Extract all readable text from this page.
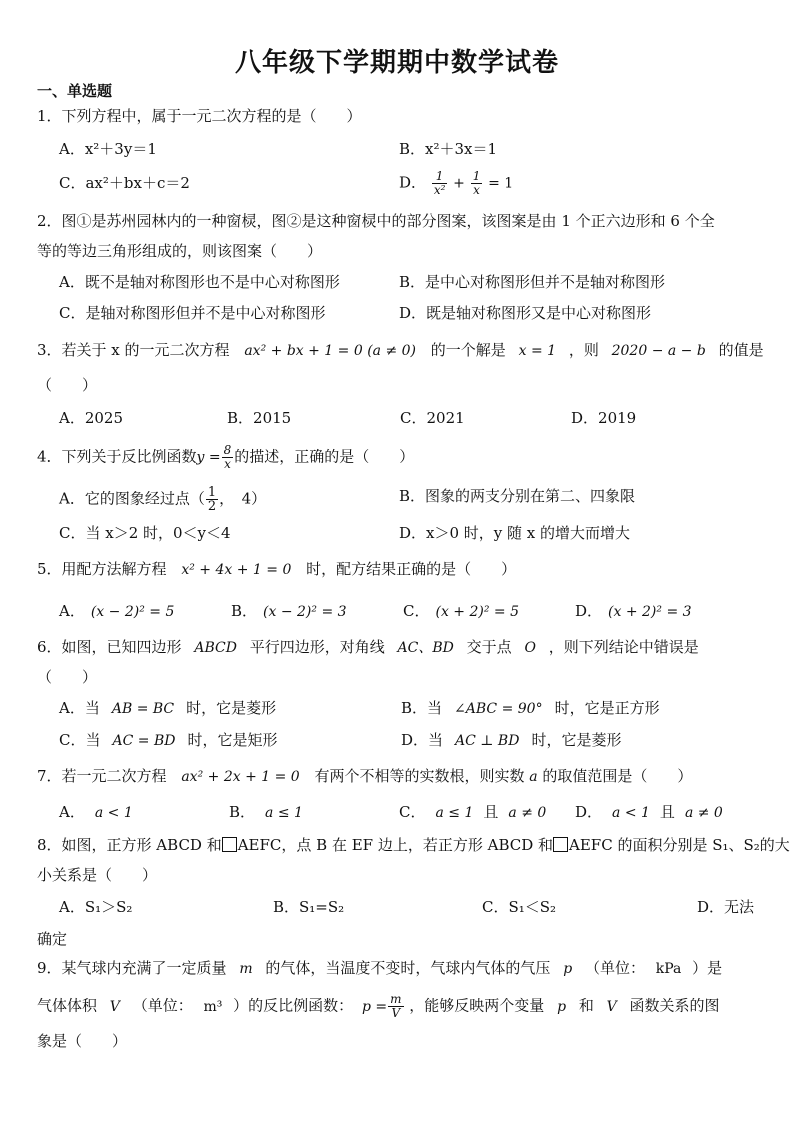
八年级下学期期中数学试卷
一、单选题
1．下列方程中，属于一元二次方程的是（　　）
A．x²＋3y＝1	B．x²＋3x＝1
C．ax²＋bx＋c＝2	D． $\frac{1}{\text{x²}} + \frac{1}{x} = 1$
2．图①是苏州园林内的一种窗棂，图②是这种窗棂中的部分图案，该图案是由 1 个正六边形和 6 个全
等的等边三角形组成的，则该图案（　　）
A．既不是轴对称图形也不是中心对称图形	B．是中心对称图形但并不是轴对称图形
C．是轴对称图形但并不是中心对称图形	D．既是轴对称图形又是中心对称图形
3．若关于 x 的一元二次方程 ax² + bx + 1 = 0 (a ≠ 0) 的一个解是 x = 1 ，则 2020 − a − b 的值是
（　　）
A．2025	B．2015	C．2021	D．2019
4．下列关于反比例函数$y = \frac{8}{x}$ 的描述，正确的是（　　）
A．它的图象经过点（ $\frac{1}{2}$ ，　4）	B．图象的两支分别在第二、四象限
C．当 x＞2 时，0＜y＜4	D．x＞0 时，y 随 x 的增大而增大
5．用配方法解方程 x² + 4x + 1 = 0 时，配方结果正确的是（　　）
A． (x − 2)² = 5	B． (x − 2)² = 3	C． (x + 2)² = 5	D． (x + 2)² = 3
6．如图，已知四边形 ABCD 平行四边形，对角线 AC、BD 交于点 O ，则下列结论中错误是
（　　）
A．当 AB = BC 时，它是菱形	B．当 ∠ABC = 90° 时，它是正方形
C．当 AC = BD 时，它是矩形	D．当 AC ⊥ BD 时，它是菱形
7．若一元二次方程 ax² + 2x + 1 = 0 有两个不相等的实数根，则实数 a 的取值范围是（　　）
A． a < 1	B． a ≤ 1	C． a ≤ 1 且 a ≠ 0 D． a < 1 且 a ≠ 0
8．如图，正方形 ABCD 和 AEFC，点 B 在 EF 边上，若正方形 ABCD 和 AEFC 的面积分别是 S₁、S₂的大
小关系是（　　）
A．S₁＞S₂	B．S₁=S₂	C．S₁＜S₂	D．无法
确定
9．某气球内充满了一定质量 m 的气体，当温度不变时，气球内气体的气压 p （单位： kPa ）是
气体体积 V （单位： m³ ）的反比例函数： $p = \frac{m}{V}$ ，能够反映两个变量 p 和 V 函数关系的图
象是（　　）
